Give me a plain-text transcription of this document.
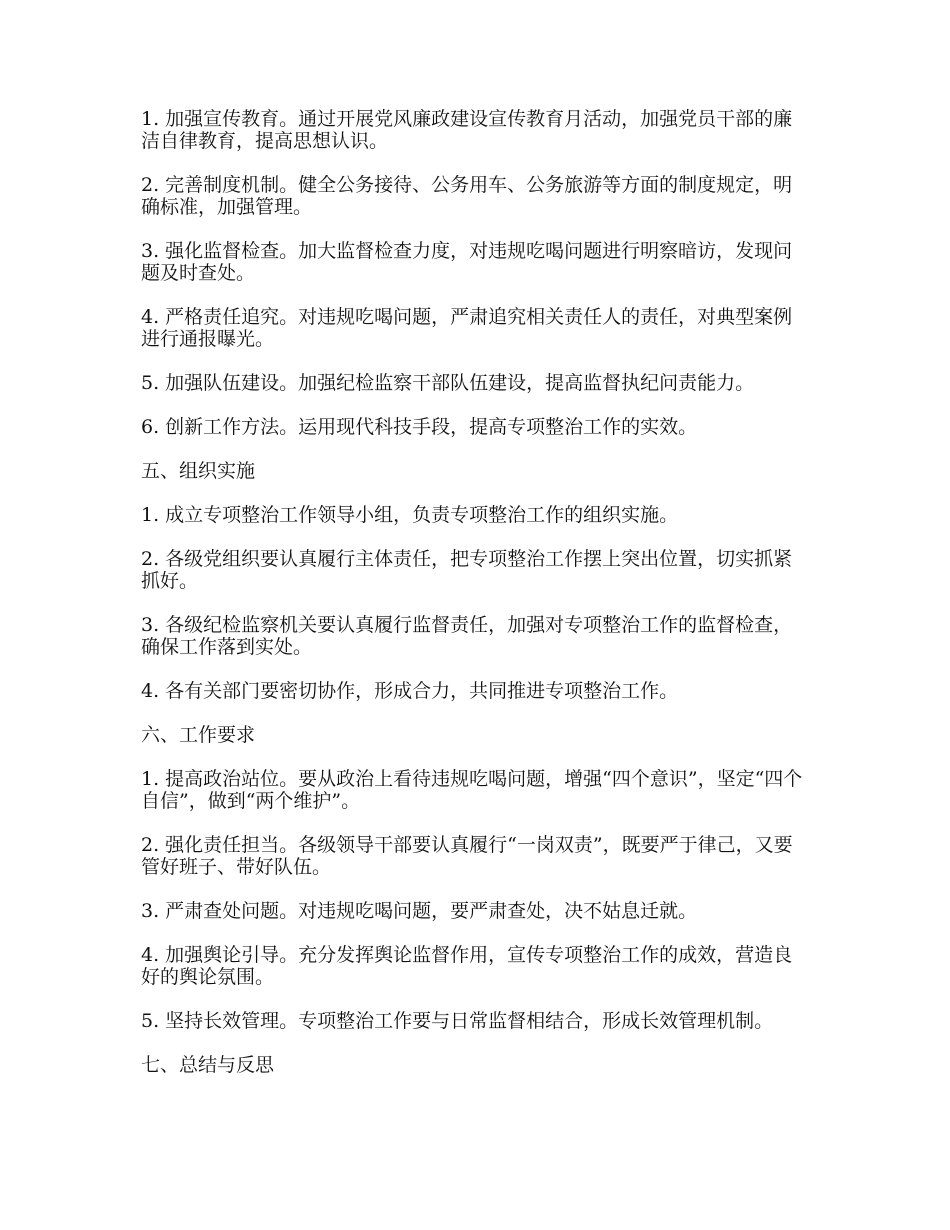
1. 加强宣传教育。通过开展党风廉政建设宣传教育月活动，加强党员干部的廉洁自律教育，提高思想认识。

2. 完善制度机制。健全公务接待、公务用车、公务旅游等方面的制度规定，明确标准，加强管理。

3. 强化监督检查。加大监督检查力度，对违规吃喝问题进行明察暗访，发现问题及时查处。

4. 严格责任追究。对违规吃喝问题，严肃追究相关责任人的责任，对典型案例进行通报曝光。

5. 加强队伍建设。加强纪检监察干部队伍建设，提高监督执纪问责能力。

6. 创新工作方法。运用现代科技手段，提高专项整治工作的实效。

五、组织实施

1. 成立专项整治工作领导小组，负责专项整治工作的组织实施。

2. 各级党组织要认真履行主体责任，把专项整治工作摆上突出位置，切实抓紧抓好。

3. 各级纪检监察机关要认真履行监督责任，加强对专项整治工作的监督检查，确保工作落到实处。

4. 各有关部门要密切协作，形成合力，共同推进专项整治工作。

六、工作要求

1. 提高政治站位。要从政治上看待违规吃喝问题，增强“四个意识”，坚定“四个自信”，做到“两个维护”。

2. 强化责任担当。各级领导干部要认真履行“一岗双责”，既要严于律己，又要管好班子、带好队伍。

3. 严肃查处问题。对违规吃喝问题，要严肃查处，决不姑息迁就。

4. 加强舆论引导。充分发挥舆论监督作用，宣传专项整治工作的成效，营造良好的舆论氛围。

5. 坚持长效管理。专项整治工作要与日常监督相结合，形成长效管理机制。

七、总结与反思
